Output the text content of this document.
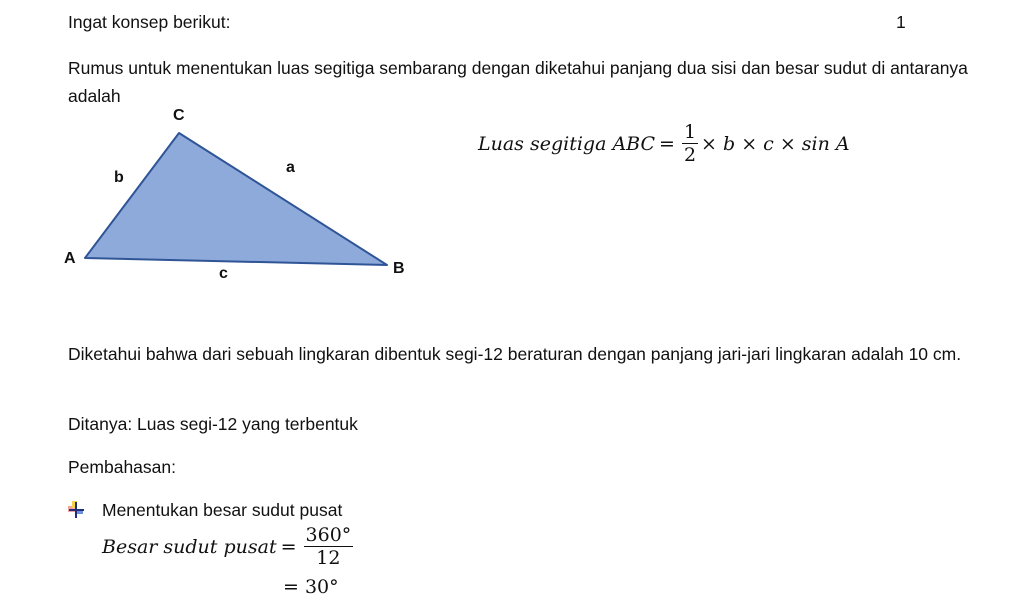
Ingat konsep berikut:	1
Rumus untuk menentukan luas segitiga sembarang dengan diketahui panjang dua sisi dan besar sudut di antaranya adalah
C
A
B
b
a
c
Luas segitiga ABC = $\frac{1}{2} \times b \times c \times \sin A$
Diketahui bahwa dari sebuah lingkaran dibentuk segi-12 beraturan dengan panjang jari-jari lingkaran adalah 10 cm.
Ditanya: Luas segi-12 yang terbentuk
Pembahasan:
Menentukan besar sudut pusat
Besar sudut pusat = $\frac{360^\circ}{12}$
= 30°
